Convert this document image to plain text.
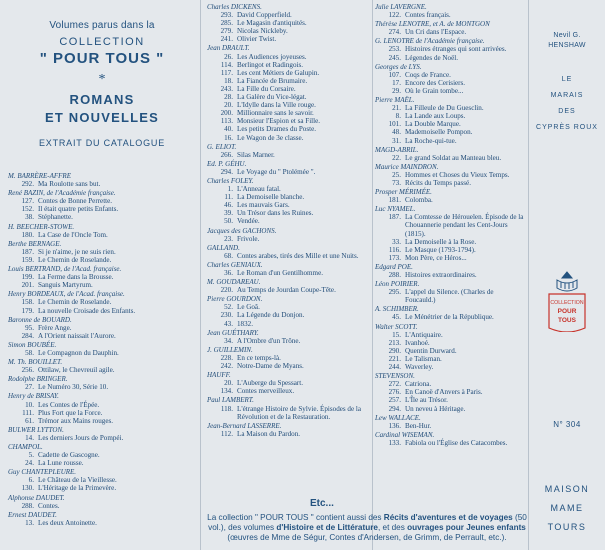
Volumes parus dans la
COLLECTION
" POUR TOUS "
*
ROMANS
ET NOUVELLES
EXTRAIT DU CATALOGUE
M. BARRÈRE-AFFRE
292. Ma Roulotte sans but.
René BAZIN, de l'Académie française.
127. Contes de Bonne Perrette.
152. Il était quatre petits Enfants.
38. Stéphanette.
H. BEECHER-STOWE.
180. La Case de l'Oncle Tom.
Berthe BERNAGE.
187. Si je n'aime, je ne suis rien.
159. Le Chemin de Roselande.
Louis BERTRAND, de l'Acad. française.
199. La Ferme dans la Brousse.
201. Sanguis Martyrum.
Henry BORDEAUX, de l'Acad. française.
158. Le Chemin de Roselande.
179. La nouvelle Croisade des Enfants.
Baronne de BOUARD.
95. Frère Ange.
284. A l'Orient naissait l'Aurore.
Simon BOUBÉE.
58. Le Compagnon du Dauphin.
M. Th. BOUILLET.
256. Ottilaw, le Chevreuil agile.
Rodolphe BRINGER.
27. Le Numéro 30, Série 10.
Henry de BRISAY.
10. Les Contes de l'Épée.
111. Plus Fort que la Force.
61. Trémor aux Mains rouges.
BULWER LYTTON.
14. Les derniers Jours de Pompéi.
CHAMPOL.
5. Cadette de Gascogne.
24. La Lune rousse.
Guy CHANTEPLEURE.
6. Le Château de la Vieillesse.
130. L'Héritage de la Primevère.
Alphonse DAUDET.
288. Contes.
Ernest DAUDET.
13. Les deux Antoinette.
Charles DICKENS.
293. David Copperfield.
285. Le Magasin d'antiquités.
279. Nicolas Nickleby.
241. Olivier Twist.
Jean DRAULT.
26. Les Audiences joyeuses.
114. Berlingot et Radingois.
117. Les cent Métiers de Galupin.
18. La Fiancée de Brumaire.
243. La Fille du Corsaire.
28. La Galère du Vice-légat.
20. L'Idylle dans la Ville rouge.
200. Millionnaire sans le savoir.
113. Monsieur l'Espion et sa Fille.
40. Les petits Drames du Poste.
16. Le Wagon de 3e classe.
G. ELIOT.
266. Silas Marner.
Ed. P. GÉHU.
294. Le Voyage du " Ptolémée ".
Charles FOLEY.
1. L'Anneau fatal.
11. La Demoiselle blanche.
46. Les mauvais Gars.
39. Un Trésor dans les Ruines.
50. Vendée.
Jacques des GACHONS.
23. Frivole.
GALLAND.
68. Contes arabes, tirés des Mille et une Nuits.
Charles GENIAUX.
36. Le Roman d'un Gentilhomme.
M. GOUDAREAU.
220. Au Temps de Jourdan Coupe-Tête.
Pierre GOURDON.
52. Le Goâ.
230. La Légende du Donjon.
43. 1832.
Jean GUÉTHARY.
34. A l'Ombre d'un Trône.
J. GUILLEMIN.
228. En ce temps-là.
242. Notre-Dame de Myans.
HAUFF.
20. L'Auberge du Spessart.
134. Contes merveilleux.
Paul LAMBERT.
118. L'étrange Histoire de Sylvie. Épisodes de la Révolution et de la Restauration.
Jean-Bernard LASSERRE.
112. La Maison du Pardon.
Julie LAVERGNE.
122. Contes français.
Thérèse LENOTRE, et A. de MONTGON
274. Un Cri dans l'Espace.
G. LENOTRE de l'Académie française.
253. Histoires étranges qui sont arrivées.
245. Légendes de Noël.
Georges de LYS.
107. Coqs de France.
17. Encore des Cerisiers.
29. Où le Grain tombe...
Pierre MAËL.
21. La Filleule de Du Guesclin.
8. La Lande aux Loups.
101. La Double Marque.
48. Mademoiselle Pompon.
31. La Roche-qui-tue.
MAGD-ABRIL.
22. Le grand Soldat au Manteau bleu.
Maurice MAINDRON.
25. Hommes et Choses du Vieux Temps.
73. Récits du Temps passé.
Prosper MÉRIMÉE.
181. Colomba.
Luc NYAMEL.
187. La Comtesse de Hérouelen. Épisode de la Chouannerie pendant les Cent-Jours (1815).
33. La Demoiselle à la Rose.
116. Le Masque (1793-1794).
173. Mon Père, ce Héros...
Edgard POE.
288. Histoires extraordinaires.
Léon POIRIER.
295. L'appel du Silence. (Charles de Foucauld.)
A. SCHIMBER.
45. Le Ménétrier de la République.
Walter SCOTT.
15. L'Antiquaire.
213. Ivanhoé.
290. Quentin Durward.
221. Le Talisman.
244. Waverley.
STEVENSON.
272. Catriona.
276. En Canoë d'Anvers à Paris.
257. L'Île au Trésor.
294. Un neveu à Héritage.
Lew WALLACE.
136. Ben-Hur.
Cardinal WISEMAN.
133. Fabiola ou l'Église des Catacombes.
Etc...
La collection " POUR TOUS " contient aussi des Récits d'aventures et de voyages (50 vol.), des volumes d'Histoire et de Littérature, et des ouvrages pour Jeunes enfants (œuvres de Mme de Ségur, Contes d'Andersen, de Grimm, de Perrault, etc.).
Nevil G.
HENSHAW
LE
MARAIS
DES
CYPRÈS ROUX
COLLECTION
POUR
TOUS
N° 304
MAISON
MAME
TOURS
